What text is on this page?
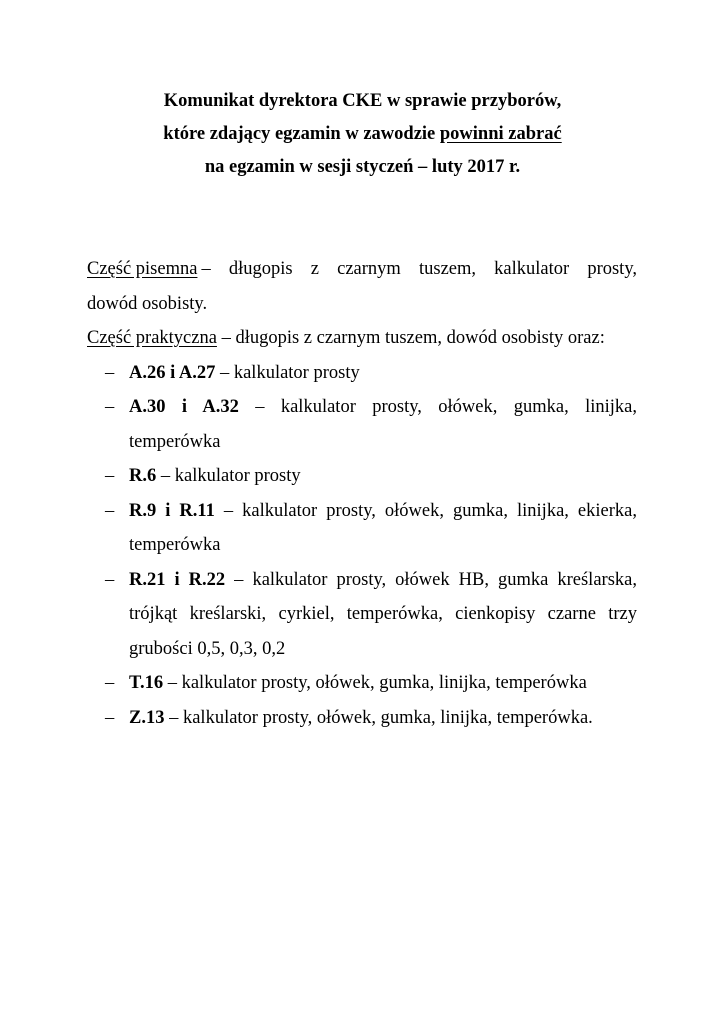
Komunikat dyrektora CKE w sprawie przyborów,
które zdający egzamin w zawodzie powinni zabrać
na egzamin w sesji styczeń – luty 2017 r.
Część pisemna – długopis z czarnym tuszem, kalkulator prosty,
dowód osobisty.
Część praktyczna – długopis z czarnym tuszem, dowód osobisty oraz:
– A.26 i A.27 – kalkulator prosty
– A.30 i A.32 – kalkulator prosty, ołówek, gumka, linijka, temperówka
– R.6 – kalkulator prosty
– R.9 i R.11 – kalkulator prosty, ołówek, gumka, linijka, ekierka, temperówka
– R.21 i R.22 – kalkulator prosty, ołówek HB, gumka kreślarska, trójkąt kreślarski, cyrkiel, temperówka, cienkopisy czarne trzy grubości 0,5, 0,3, 0,2
– T.16 – kalkulator prosty, ołówek, gumka, linijka, temperówka
– Z.13 – kalkulator prosty, ołówek, gumka, linijka, temperówka.
